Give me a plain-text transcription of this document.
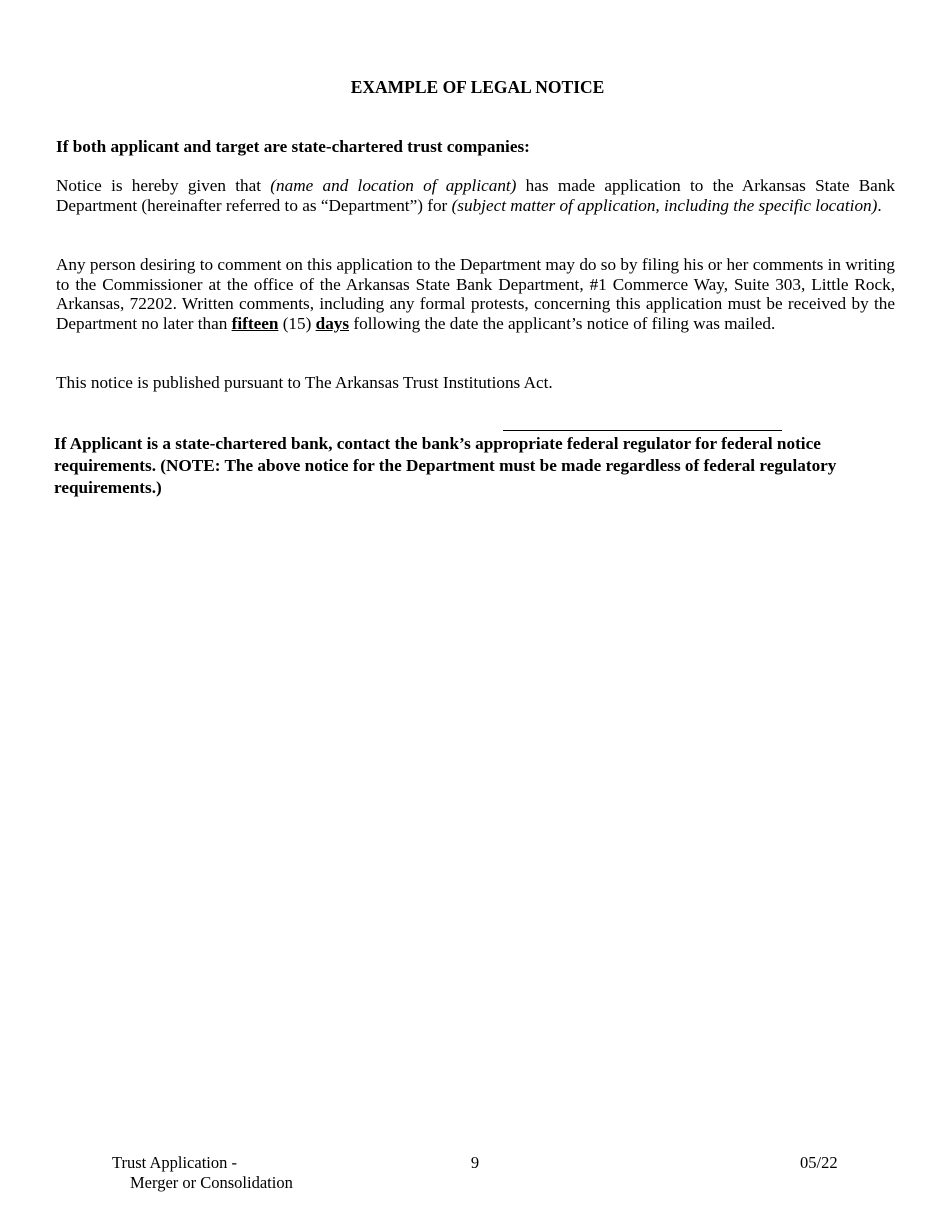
EXAMPLE OF LEGAL NOTICE
If both applicant and target are state-chartered trust companies:
Notice is hereby given that (name and location of applicant) has made application to the Arkansas State Bank Department (hereinafter referred to as “Department”) for (subject matter of application, including the specific location).
Any person desiring to comment on this application to the Department may do so by filing his or her comments in writing to the Commissioner at the office of the Arkansas State Bank Department, #1 Commerce Way, Suite 303, Little Rock, Arkansas, 72202. Written comments, including any formal protests, concerning this application must be received by the Department no later than fifteen (15) days following the date the applicant’s notice of filing was mailed.
This notice is published pursuant to The Arkansas Trust Institutions Act.
If Applicant is a state-chartered bank, contact the bank’s appropriate federal regulator for federal notice requirements. (NOTE: The above notice for the Department must be made regardless of federal regulatory requirements.)
Trust Application -
Merger or Consolidation
9	05/22
